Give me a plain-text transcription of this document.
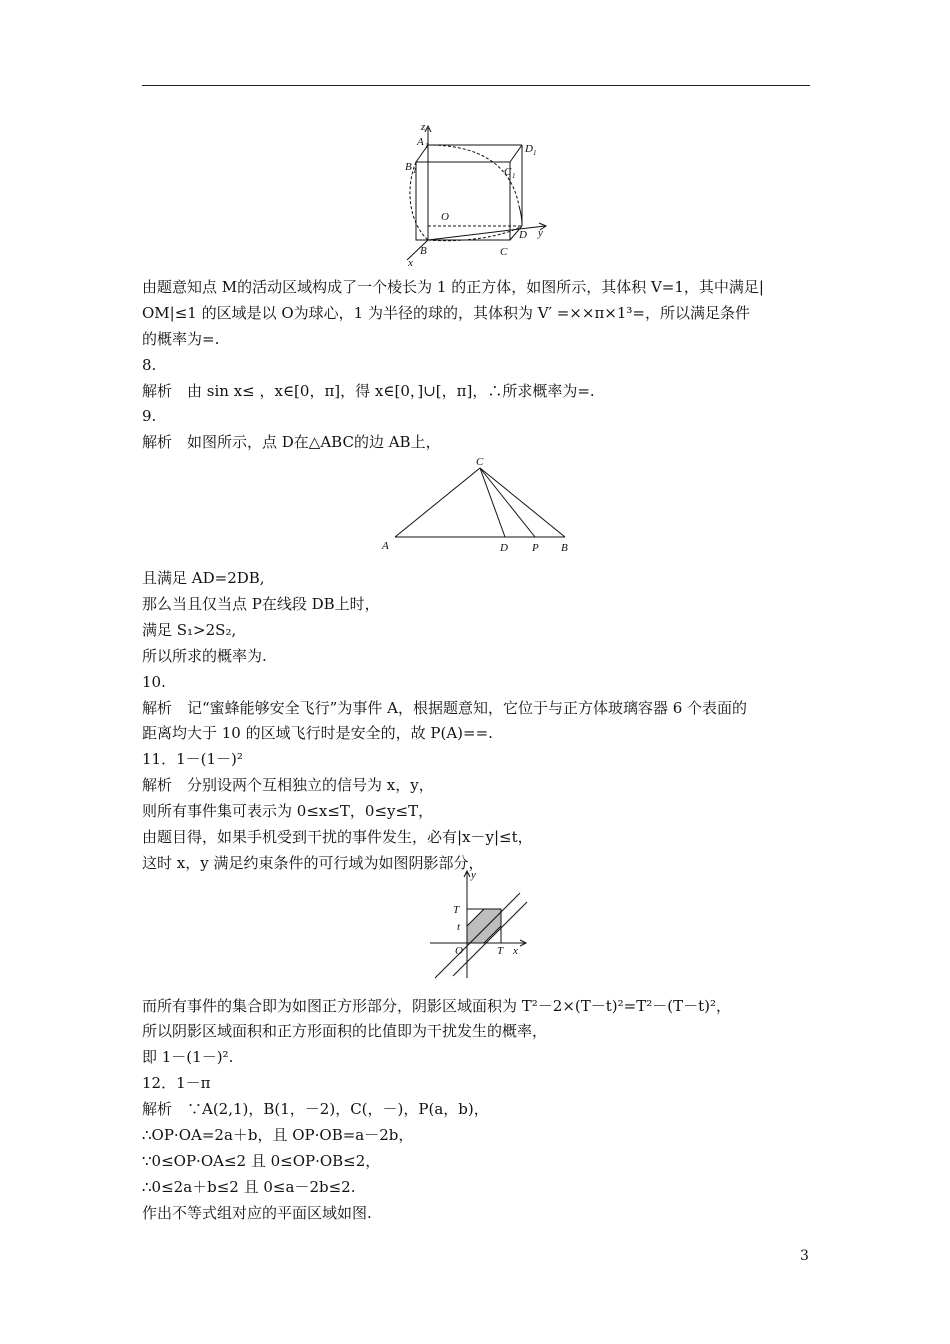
z
A 1
B 1
D 1
C 1
O
y
x
B	C
D
C
A	D P B
y
T
t
O	T x
由题意知点 M的活动区域构成了一个棱长为 1 的正方体，如图所示，其体积 V=1，其中满足|
OM|≤1 的区域是以 O为球心，1 为半径的球的，其体积为 V′ =××π×1³=，所以满足条件
的概率为=.
8.
解析　由 sin x≤ ，x∈[0，π]，得 x∈[0，]∪[，π]，∴所求概率为=.
9.
解析　如图所示，点 D在△ABC的边 AB上，
且满足 AD=2DB,
那么当且仅当点 P在线段 DB上时，
满足 S₁>2S₂,
所以所求的概率为.
10.
解析　记“蜜蜂能够安全飞行”为事件 A，根据题意知，它位于与正方体玻璃容器 6 个表面的
距离均大于 10 的区域飞行时是安全的，故 P(A)==.
11．1－(1－)²
解析　分别设两个互相独立的信号为 x，y，
则所有事件集可表示为 0≤x≤T，0≤y≤T，
由题目得，如果手机受到干扰的事件发生，必有|x－y|≤t，
这时 x，y 满足约束条件的可行域为如图阴影部分，
而所有事件的集合即为如图正方形部分，阴影区域面积为 T²－2×(T－t)²=T²－(T－t)²，
所以阴影区域面积和正方形面积的比值即为干扰发生的概率，
即 1－(1－)².
12．1－π
解析　∵A(2,1)，B(1，－2)，C(，－)，P(a，b)，
∴OP·OA=2a＋b，且 OP·OB=a－2b，
∵0≤OP·OA≤2 且 0≤OP·OB≤2，
∴0≤2a＋b≤2 且 0≤a－2b≤2.
作出不等式组对应的平面区域如图.
3
